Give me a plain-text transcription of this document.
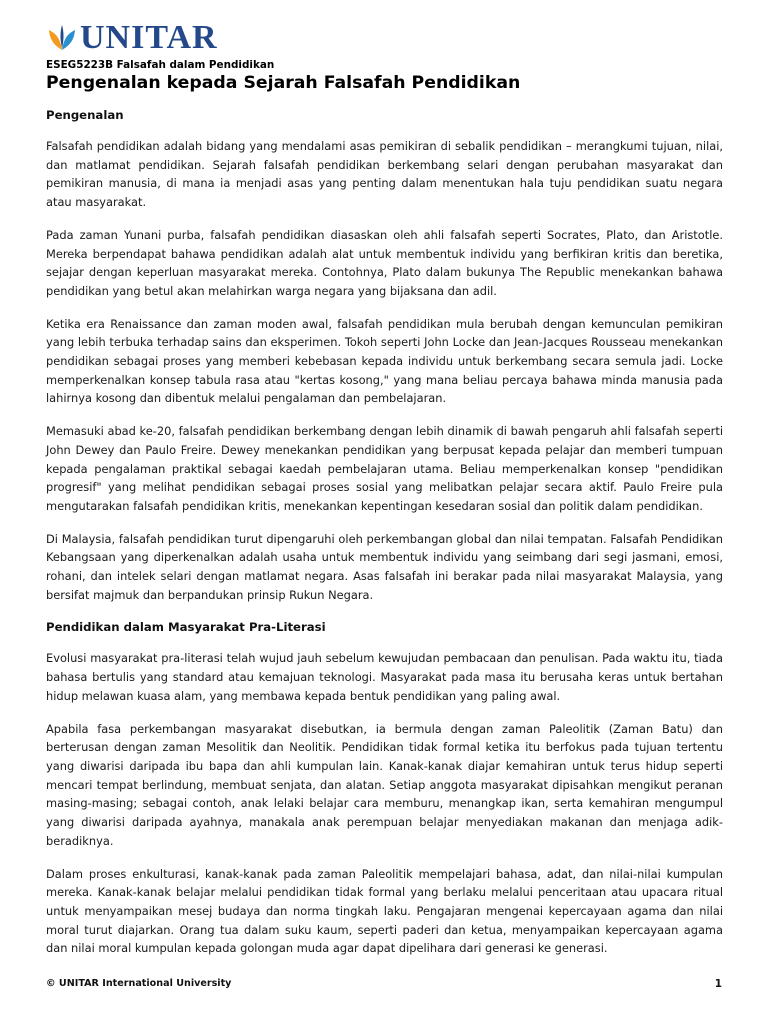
UNITAR
ESEG5223B Falsafah dalam Pendidikan
Pengenalan kepada Sejarah Falsafah Pendidikan
Pengenalan

Falsafah pendidikan adalah bidang yang mendalami asas pemikiran di sebalik pendidikan – merangkumi tujuan, nilai, dan matlamat pendidikan. Sejarah falsafah pendidikan berkembang selari dengan perubahan masyarakat dan pemikiran manusia, di mana ia menjadi asas yang penting dalam menentukan hala tuju pendidikan suatu negara atau masyarakat.

Pada zaman Yunani purba, falsafah pendidikan diasaskan oleh ahli falsafah seperti Socrates, Plato, dan Aristotle. Mereka berpendapat bahawa pendidikan adalah alat untuk membentuk individu yang berfikiran kritis dan beretika, sejajar dengan keperluan masyarakat mereka. Contohnya, Plato dalam bukunya The Republic menekankan bahawa pendidikan yang betul akan melahirkan warga negara yang bijaksana dan adil.

Ketika era Renaissance dan zaman moden awal, falsafah pendidikan mula berubah dengan kemunculan pemikiran yang lebih terbuka terhadap sains dan eksperimen. Tokoh seperti John Locke dan Jean-Jacques Rousseau menekankan pendidikan sebagai proses yang memberi kebebasan kepada individu untuk berkembang secara semula jadi. Locke memperkenalkan konsep tabula rasa atau "kertas kosong," yang mana beliau percaya bahawa minda manusia pada lahirnya kosong dan dibentuk melalui pengalaman dan pembelajaran.

Memasuki abad ke-20, falsafah pendidikan berkembang dengan lebih dinamik di bawah pengaruh ahli falsafah seperti John Dewey dan Paulo Freire. Dewey menekankan pendidikan yang berpusat kepada pelajar dan memberi tumpuan kepada pengalaman praktikal sebagai kaedah pembelajaran utama. Beliau memperkenalkan konsep "pendidikan progresif" yang melihat pendidikan sebagai proses sosial yang melibatkan pelajar secara aktif. Paulo Freire pula mengutarakan falsafah pendidikan kritis, menekankan kepentingan kesedaran sosial dan politik dalam pendidikan.

Di Malaysia, falsafah pendidikan turut dipengaruhi oleh perkembangan global dan nilai tempatan. Falsafah Pendidikan Kebangsaan yang diperkenalkan adalah usaha untuk membentuk individu yang seimbang dari segi jasmani, emosi, rohani, dan intelek selari dengan matlamat negara. Asas falsafah ini berakar pada nilai masyarakat Malaysia, yang bersifat majmuk dan berpandukan prinsip Rukun Negara.

Pendidikan dalam Masyarakat Pra-Literasi

Evolusi masyarakat pra-literasi telah wujud jauh sebelum kewujudan pembacaan dan penulisan. Pada waktu itu, tiada bahasa bertulis yang standard atau kemajuan teknologi. Masyarakat pada masa itu berusaha keras untuk bertahan hidup melawan kuasa alam, yang membawa kepada bentuk pendidikan yang paling awal.

Apabila fasa perkembangan masyarakat disebutkan, ia bermula dengan zaman Paleolitik (Zaman Batu) dan berterusan dengan zaman Mesolitik dan Neolitik. Pendidikan tidak formal ketika itu berfokus pada tujuan tertentu yang diwarisi daripada ibu bapa dan ahli kumpulan lain. Kanak-kanak diajar kemahiran untuk terus hidup seperti mencari tempat berlindung, membuat senjata, dan alatan. Setiap anggota masyarakat dipisahkan mengikut peranan masing-masing; sebagai contoh, anak lelaki belajar cara memburu, menangkap ikan, serta kemahiran mengumpul yang diwarisi daripada ayahnya, manakala anak perempuan belajar menyediakan makanan dan menjaga adik-beradiknya.

Dalam proses enkulturasi, kanak-kanak pada zaman Paleolitik mempelajari bahasa, adat, dan nilai-nilai kumpulan mereka. Kanak-kanak belajar melalui pendidikan tidak formal yang berlaku melalui penceritaan atau upacara ritual untuk menyampaikan mesej budaya dan norma tingkah laku. Pengajaran mengenai kepercayaan agama dan nilai moral turut diajarkan. Orang tua dalam suku kaum, seperti paderi dan ketua, menyampaikan kepercayaan agama dan nilai moral kumpulan kepada golongan muda agar dapat dipelihara dari generasi ke generasi.

© UNITAR International University	1
